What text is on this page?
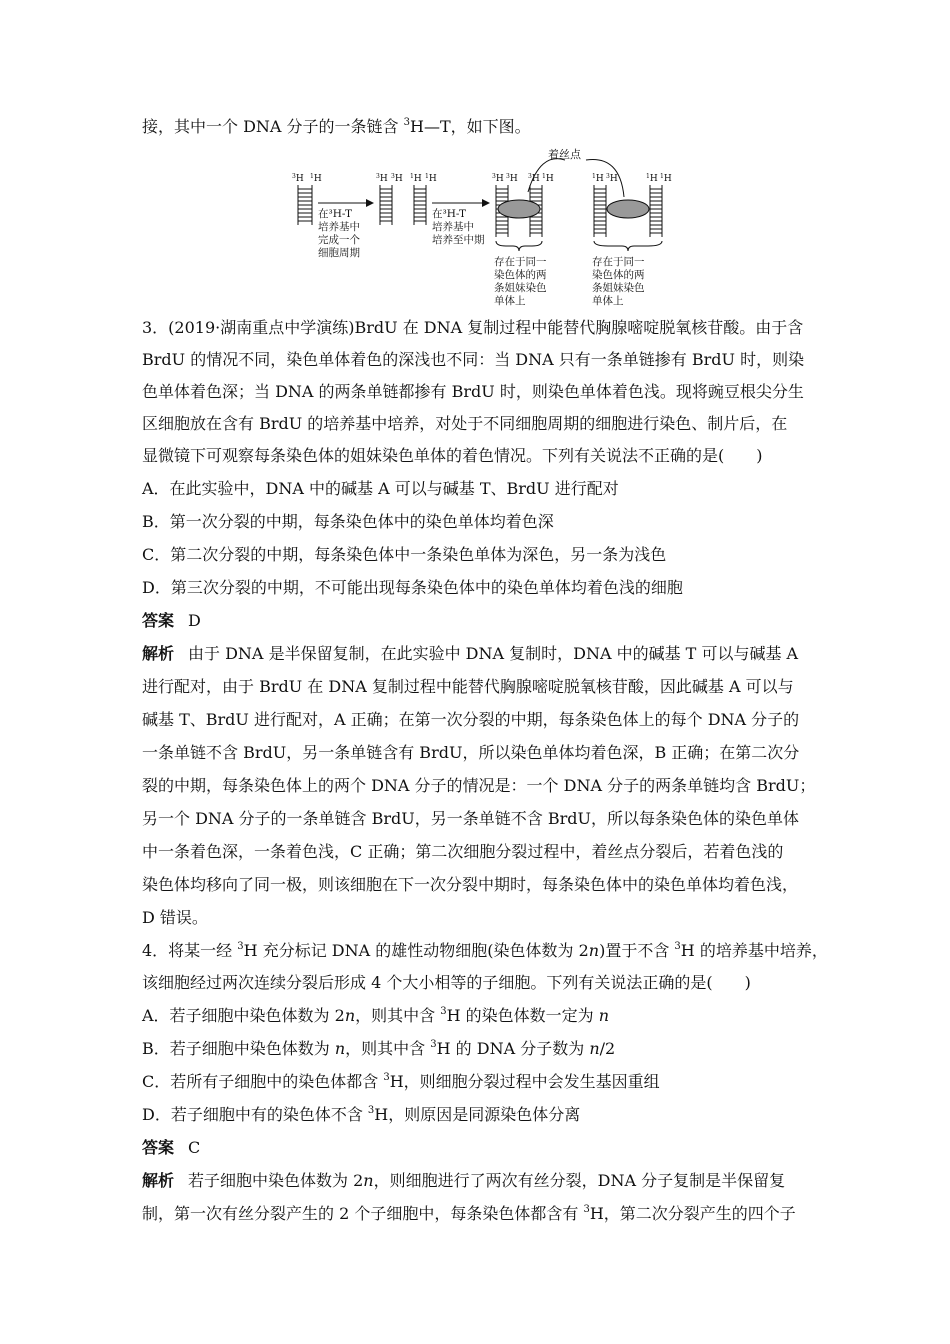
接，其中一个 DNA 分子的一条链含 $^3$H—T，如下图。
着丝点
$^3$H $^1$H	$^3$H $^3$H $^1$H $^1$H	$^3$H $^3$H $^3$H $^1$H	$^1$H $^3$H	$^1$H $^1$H
在³H-T
培养基中
完成一个
细胞周期
在³H-T
培养基中
培养至中期
存在于同一
染色体的两
条姐妹染色
单体上
存在于同一
染色体的两
条姐妹染色
单体上
3．(2019·湖南重点中学演练)BrdU 在 DNA 复制过程中能替代胸腺嘧啶脱氧核苷酸。由于含
BrdU 的情况不同，染色单体着色的深浅也不同：当 DNA 只有一条单链掺有 BrdU 时，则染
色单体着色深；当 DNA 的两条单链都掺有 BrdU 时，则染色单体着色浅。现将豌豆根尖分生
区细胞放在含有 BrdU 的培养基中培养，对处于不同细胞周期的细胞进行染色、制片后，在
显微镜下可观察每条染色体的姐妹染色单体的着色情况。下列有关说法不正确的是(　　)
A．在此实验中，DNA 中的碱基 A 可以与碱基 T、BrdU 进行配对
B．第一次分裂的中期，每条染色体中的染色单体均着色深
C．第二次分裂的中期，每条染色体中一条染色单体为深色，另一条为浅色
D．第三次分裂的中期，不可能出现每条染色体中的染色单体均着色浅的细胞
答案 D
解析 由于 DNA 是半保留复制，在此实验中 DNA 复制时，DNA 中的碱基 T 可以与碱基 A
进行配对，由于 BrdU 在 DNA 复制过程中能替代胸腺嘧啶脱氧核苷酸，因此碱基 A 可以与
碱基 T、BrdU 进行配对，A 正确；在第一次分裂的中期，每条染色体上的每个 DNA 分子的
一条单链不含 BrdU，另一条单链含有 BrdU，所以染色单体均着色深，B 正确；在第二次分
裂的中期，每条染色体上的两个 DNA 分子的情况是：一个 DNA 分子的两条单链均含 BrdU；
另一个 DNA 分子的一条单链含 BrdU，另一条单链不含 BrdU，所以每条染色体的染色单体
中一条着色深，一条着色浅，C 正确；第二次细胞分裂过程中，着丝点分裂后，若着色浅的
染色体均移向了同一极，则该细胞在下一次分裂中期时，每条染色体中的染色单体均着色浅，
D 错误。
4．将某一经 $^3$H 充分标记 DNA 的雄性动物细胞(染色体数为 2n)置于不含 $^3$H 的培养基中培养，
该细胞经过两次连续分裂后形成 4 个大小相等的子细胞。下列有关说法正确的是(　　)
A．若子细胞中染色体数为 2n，则其中含 $^3$H 的染色体数一定为 n
B．若子细胞中染色体数为 n，则其中含 $^3$H 的 DNA 分子数为 n/2
C．若所有子细胞中的染色体都含 $^3$H，则细胞分裂过程中会发生基因重组
D．若子细胞中有的染色体不含 $^3$H，则原因是同源染色体分离
答案 C
解析 若子细胞中染色体数为 2n，则细胞进行了两次有丝分裂，DNA 分子复制是半保留复
制，第一次有丝分裂产生的 2 个子细胞中，每条染色体都含有 $^3$H，第二次分裂产生的四个子
